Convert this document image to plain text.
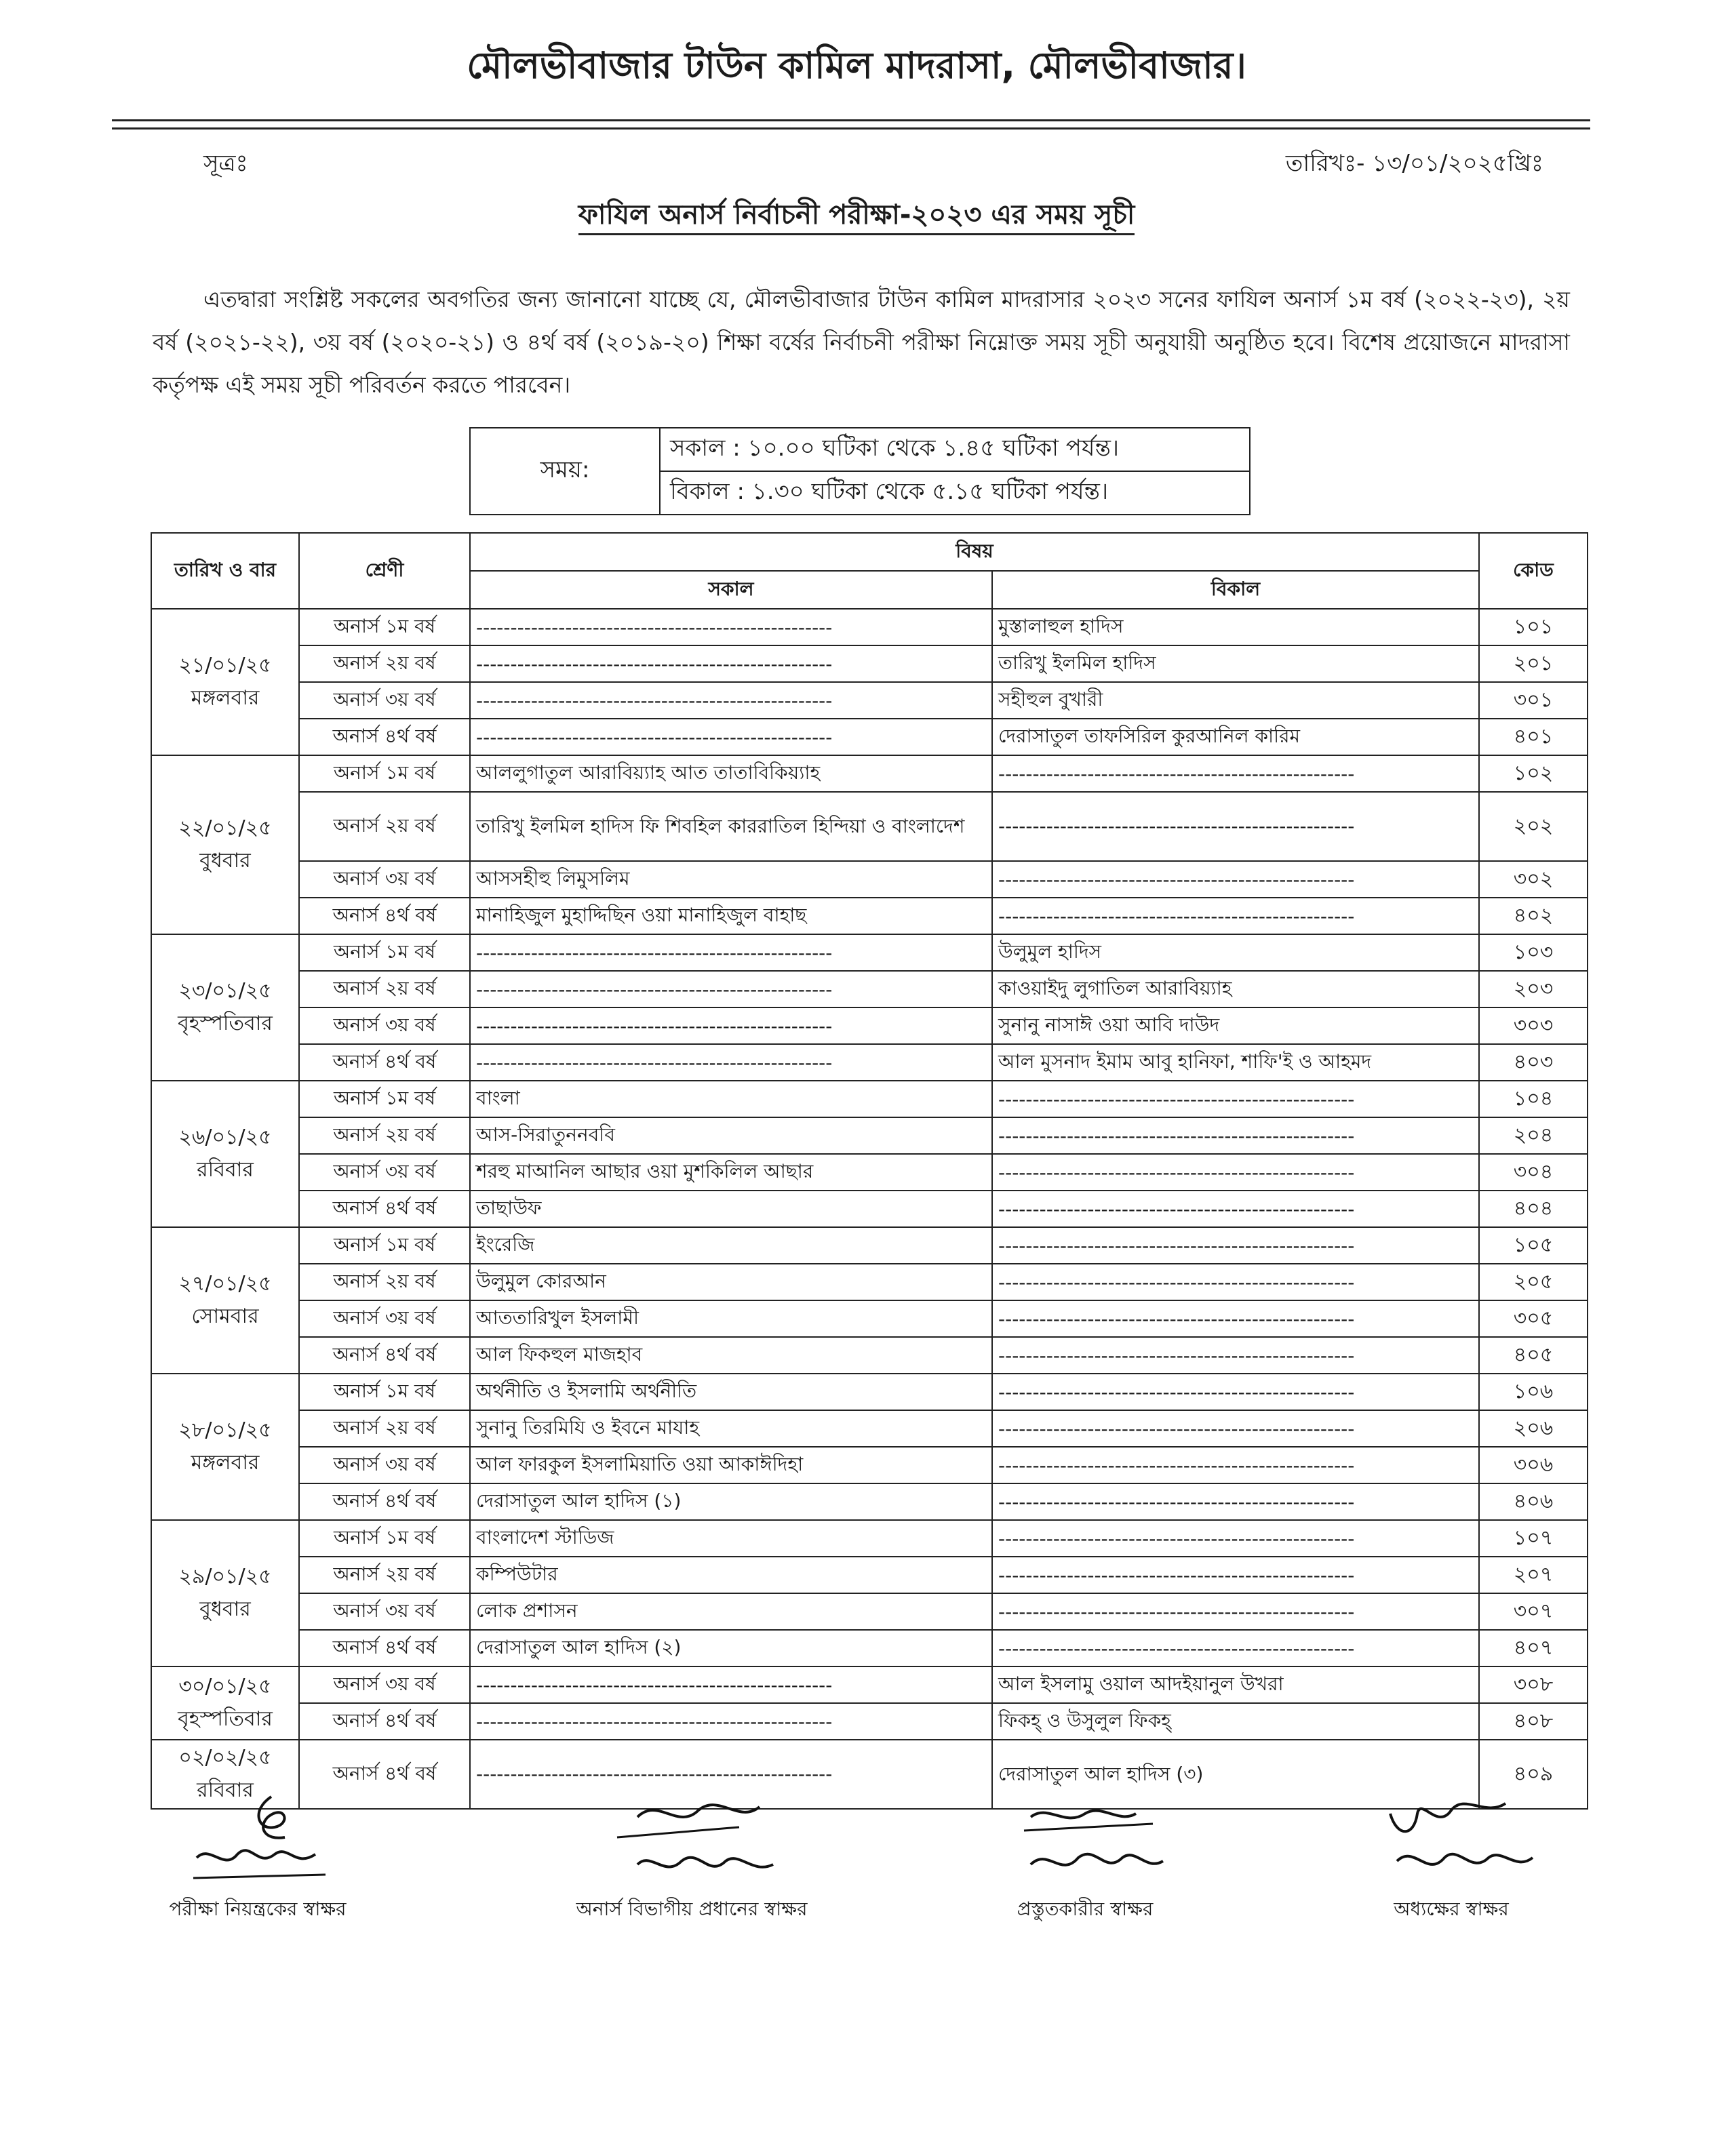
মৌলভীবাজার টাউন কামিল মাদরাসা, মৌলভীবাজার।
সূত্রঃ	তারিখঃ- ১৩/০১/২০২৫খ্রিঃ
ফাযিল অনার্স নির্বাচনী পরীক্ষা-২০২৩ এর সময় সূচী

এতদ্বারা সংশ্লিষ্ট সকলের অবগতির জন্য জানানো যাচ্ছে যে, মৌলভীবাজার টাউন কামিল মাদরাসার ২০২৩ সনের ফাযিল অনার্স ১ম বর্ষ (২০২২-২৩), ২য় বর্ষ (২০২১-২২), ৩য় বর্ষ (২০২০-২১) ও ৪র্থ বর্ষ (২০১৯-২০) শিক্ষা বর্ষের নির্বাচনী পরীক্ষা নিম্নোক্ত সময় সূচী অনুযায়ী অনুষ্ঠিত হবে। বিশেষ প্রয়োজনে মাদরাসা কর্তৃপক্ষ এই সময় সূচী পরিবর্তন করতে পারবেন।

সময়:	সকাল : ১০.০০ ঘটিকা থেকে ১.৪৫ ঘটিকা পর্যন্ত।
বিকাল : ১.৩০ ঘটিকা থেকে ৫.১৫ ঘটিকা পর্যন্ত।
তারিখ ও বার	শ্রেণী	বিষয়		কোড
		সকাল	বিকাল	

২১/০১/২৫
মঙ্গলবার	অনার্স ১ম বর্ষ	----------------------------------------------------	মুস্তালাহুল হাদিস	১০১
	অনার্স ২য় বর্ষ	----------------------------------------------------	তারিখু ইলমিল হাদিস	২০১
	অনার্স ৩য় বর্ষ	----------------------------------------------------	সহীহুল বুখারী	৩০১
	অনার্স ৪র্থ বর্ষ	----------------------------------------------------	দেরাসাতুল তাফসিরিল কুরআনিল কারিম	৪০১

২২/০১/২৫
বুধবার	অনার্স ১ম বর্ষ	আললুগাতুল আরাবিয়্যাহ আত তাতাবিকিয়্যাহ	----------------------------------------------------	১০২
	অনার্স ২য় বর্ষ	তারিখু ইলমিল হাদিস ফি শিবহিল কাররাতিল হিন্দিয়া ও বাংলাদেশ	----------------------------------------------------	২০২
	অনার্স ৩য় বর্ষ	আসসহীহু লিমুসলিম	----------------------------------------------------	৩০২
	অনার্স ৪র্থ বর্ষ	মানাহিজুল মুহাদ্দিছিন ওয়া মানাহিজুল বাহাছ	----------------------------------------------------	৪০২

২৩/০১/২৫
বৃহস্পতিবার	অনার্স ১ম বর্ষ	----------------------------------------------------	উলুমুল হাদিস	১০৩
	অনার্স ২য় বর্ষ	----------------------------------------------------	কাওয়াইদু লুগাতিল আরাবিয়্যাহ	২০৩
	অনার্স ৩য় বর্ষ	----------------------------------------------------	সুনানু নাসাঈ ওয়া আবি দাউদ	৩০৩
	অনার্স ৪র্থ বর্ষ	----------------------------------------------------	আল মুসনাদ ইমাম আবু হানিফা, শাফি'ই ও আহমদ	৪০৩

২৬/০১/২৫
রবিবার	অনার্স ১ম বর্ষ	বাংলা	----------------------------------------------------	১০৪
	অনার্স ২য় বর্ষ	আস-সিরাতুননববি	----------------------------------------------------	২০৪
	অনার্স ৩য় বর্ষ	শরহু মাআনিল আছার ওয়া মুশকিলিল আছার	----------------------------------------------------	৩০৪
	অনার্স ৪র্থ বর্ষ	তাছাউফ	----------------------------------------------------	৪০৪

২৭/০১/২৫
সোমবার	অনার্স ১ম বর্ষ	ইংরেজি	----------------------------------------------------	১০৫
	অনার্স ২য় বর্ষ	উলুমুল কোরআন	----------------------------------------------------	২০৫
	অনার্স ৩য় বর্ষ	আততারিখুল ইসলামী	----------------------------------------------------	৩০৫
	অনার্স ৪র্থ বর্ষ	আল ফিকহুল মাজহাব	----------------------------------------------------	৪০৫

২৮/০১/২৫
মঙ্গলবার	অনার্স ১ম বর্ষ	অর্থনীতি ও ইসলামি অর্থনীতি	----------------------------------------------------	১০৬
	অনার্স ২য় বর্ষ	সুনানু তিরমিযি ও ইবনে মাযাহ	----------------------------------------------------	২০৬
	অনার্স ৩য় বর্ষ	আল ফারকুল ইসলামিয়াতি ওয়া আকাঈদিহা	----------------------------------------------------	৩০৬
	অনার্স ৪র্থ বর্ষ	দেরাসাতুল আল হাদিস (১)	----------------------------------------------------	৪০৬

২৯/০১/২৫
বুধবার	অনার্স ১ম বর্ষ	বাংলাদেশ স্টাডিজ	----------------------------------------------------	১০৭
	অনার্স ২য় বর্ষ	কম্পিউটার	----------------------------------------------------	২০৭
	অনার্স ৩য় বর্ষ	লোক প্রশাসন	----------------------------------------------------	৩০৭
	অনার্স ৪র্থ বর্ষ	দেরাসাতুল আল হাদিস (২)	----------------------------------------------------	৪০৭

৩০/০১/২৫
বৃহস্পতিবার	অনার্স ৩য় বর্ষ	----------------------------------------------------	আল ইসলামু ওয়াল আদইয়ানুল উখরা	৩০৮
	অনার্স ৪র্থ বর্ষ	----------------------------------------------------	ফিকহ্ ও উসুলুল ফিকহ্	৪০৮

০২/০২/২৫
রবিবার	অনার্স ৪র্থ বর্ষ	----------------------------------------------------	দেরাসাতুল আল হাদিস (৩)	৪০৯
পরীক্ষা নিয়ন্ত্রকের স্বাক্ষর	অনার্স বিভাগীয় প্রধানের স্বাক্ষর	প্রস্তুতকারীর স্বাক্ষর	অধ্যক্ষের স্বাক্ষর
